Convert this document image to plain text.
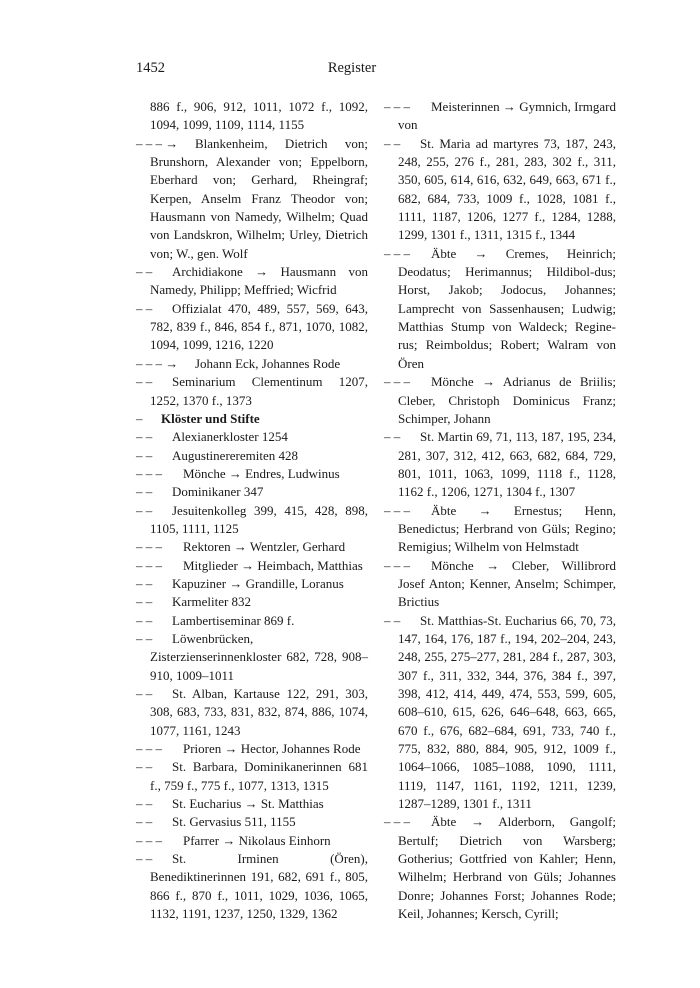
1452	Register
886 f., 906, 912, 1011, 1072 f., 1092, 1094, 1099, 1109, 1114, 1155
– – – →	Blankenheim, Dietrich von; Brunshorn, Alexander von; Eppelborn, Eberhard von; Gerhard, Rheingraf; Kerpen, Anselm Franz Theodor von; Hausmann von Namedy, Wilhelm; Quad von Landskron, Wilhelm; Urley, Dietrich von; W., gen. Wolf
– –	Archidiakone → Hausmann von Namedy, Philipp; Meffried; Wicfrid
– –	Offizialat 470, 489, 557, 569, 643, 782, 839 f., 846, 854 f., 871, 1070, 1082, 1094, 1099, 1216, 1220
– – – →	Johann Eck, Johannes Rode
– –	Seminarium Clementinum 1207, 1252, 1370 f., 1373
–	Klöster und Stifte
– –	Alexianerkloster 1254
– –	Augustinereremiten 428
– – –	Mönche → Endres, Ludwinus
– –	Dominikaner 347
– –	Jesuitenkolleg 399, 415, 428, 898, 1105, 1111, 1125
– – –	Rektoren → Wentzler, Gerhard
– – –	Mitglieder → Heimbach, Matthias
– –	Kapuziner → Grandille, Loranus
– –	Karmeliter 832
– –	Lambertiseminar 869 f.
– –	Löwenbrücken, Zisterzienserinnenkloster 682, 728, 908–910, 1009–1011
– –	St. Alban, Kartause 122, 291, 303, 308, 683, 733, 831, 832, 874, 886, 1074, 1077, 1161, 1243
– – –	Prioren → Hector, Johannes Rode
– –	St. Barbara, Dominikanerinnen 681 f., 759 f., 775 f., 1077, 1313, 1315
– –	St. Eucharius → St. Matthias
– –	St. Gervasius 511, 1155
– – –	Pfarrer → Nikolaus Einhorn
– –	St. Irminen (Ören), Benediktinerinnen 191, 682, 691 f., 805, 866 f., 870 f., 1011, 1029, 1036, 1065, 1132, 1191, 1237, 1250, 1329, 1362
– – –	Meisterinnen → Gymnich, Irmgard von
– –	St. Maria ad martyres 73, 187, 243, 248, 255, 276 f., 281, 283, 302 f., 311, 350, 605, 614, 616, 632, 649, 663, 671 f., 682, 684, 733, 1009 f., 1028, 1081 f., 1111, 1187, 1206, 1277 f., 1284, 1288, 1299, 1301 f., 1311, 1315 f., 1344
– – –	Äbte → Cremes, Heinrich; Deodatus; Herimannus; Hildibol-dus; Horst, Jakob; Jodocus, Johannes; Lamprecht von Sassenhausen; Ludwig; Matthias Stump von Waldeck; Regine-rus; Reimboldus; Robert; Walram von Ören
– – –	Mönche → Adrianus de Briilis; Cleber, Christoph Dominicus Franz; Schimper, Johann
– –	St. Martin 69, 71, 113, 187, 195, 234, 281, 307, 312, 412, 663, 682, 684, 729, 801, 1011, 1063, 1099, 1118 f., 1128, 1162 f., 1206, 1271, 1304 f., 1307
– – –	Äbte → Ernestus; Henn, Benedictus; Herbrand von Güls; Regino; Remigius; Wilhelm von Helmstadt
– – –	Mönche → Cleber, Willibrord Josef Anton; Kenner, Anselm; Schimper, Brictius
– –	St. Matthias-St. Eucharius 66, 70, 73, 147, 164, 176, 187 f., 194, 202–204, 243, 248, 255, 275–277, 281, 284 f., 287, 303, 307 f., 311, 332, 344, 376, 384 f., 397, 398, 412, 414, 449, 474, 553, 599, 605, 608–610, 615, 626, 646–648, 663, 665, 670 f., 676, 682–684, 691, 733, 740 f., 775, 832, 880, 884, 905, 912, 1009 f., 1064–1066, 1085–1088, 1090, 1111, 1119, 1147, 1161, 1192, 1211, 1239, 1287–1289, 1301 f., 1311
– – –	Äbte → Alderborn, Gangolf; Bertulf; Dietrich von Warsberg; Gotherius; Gottfried von Kahler; Henn, Wilhelm; Herbrand von Güls; Johannes Donre; Johannes Forst; Johannes Rode; Keil, Johannes; Kersch, Cyrill;
